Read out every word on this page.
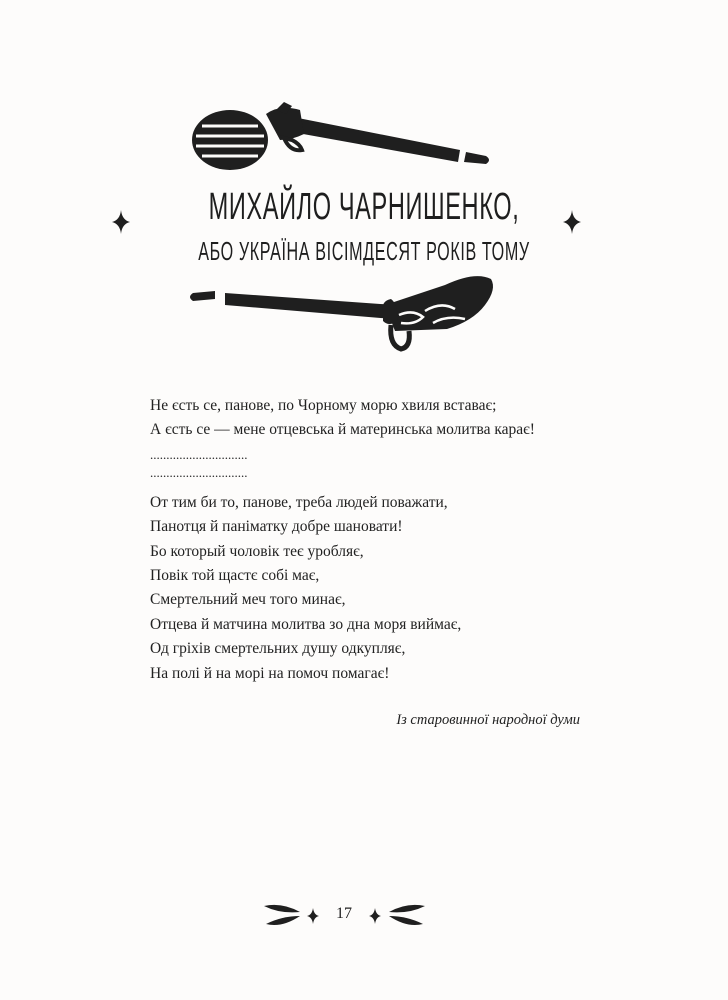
МИХАЙЛО ЧАРНИШЕНКО,
АБО УКРАЇНА ВІСІМДЕСЯТ РОКІВ ТОМУ
Не єсть се, панове, по Чорному морю хвиля вставає;
А єсть се — мене отцевська й материнська молитва карає!
..............................
..............................
От тим би то, панове, треба людей поважати,
Панотця й паніматку добре шановати!
Бо который чоловік теє уробляє,
Повік той щастє собі має,
Смертельний меч того минає,
Отцева й матчина молитва зо дна моря виймає,
Од гріхів смертельних душу одкупляє,
На полі й на морі на помоч помагає!
Із старовинної народної думи
17
